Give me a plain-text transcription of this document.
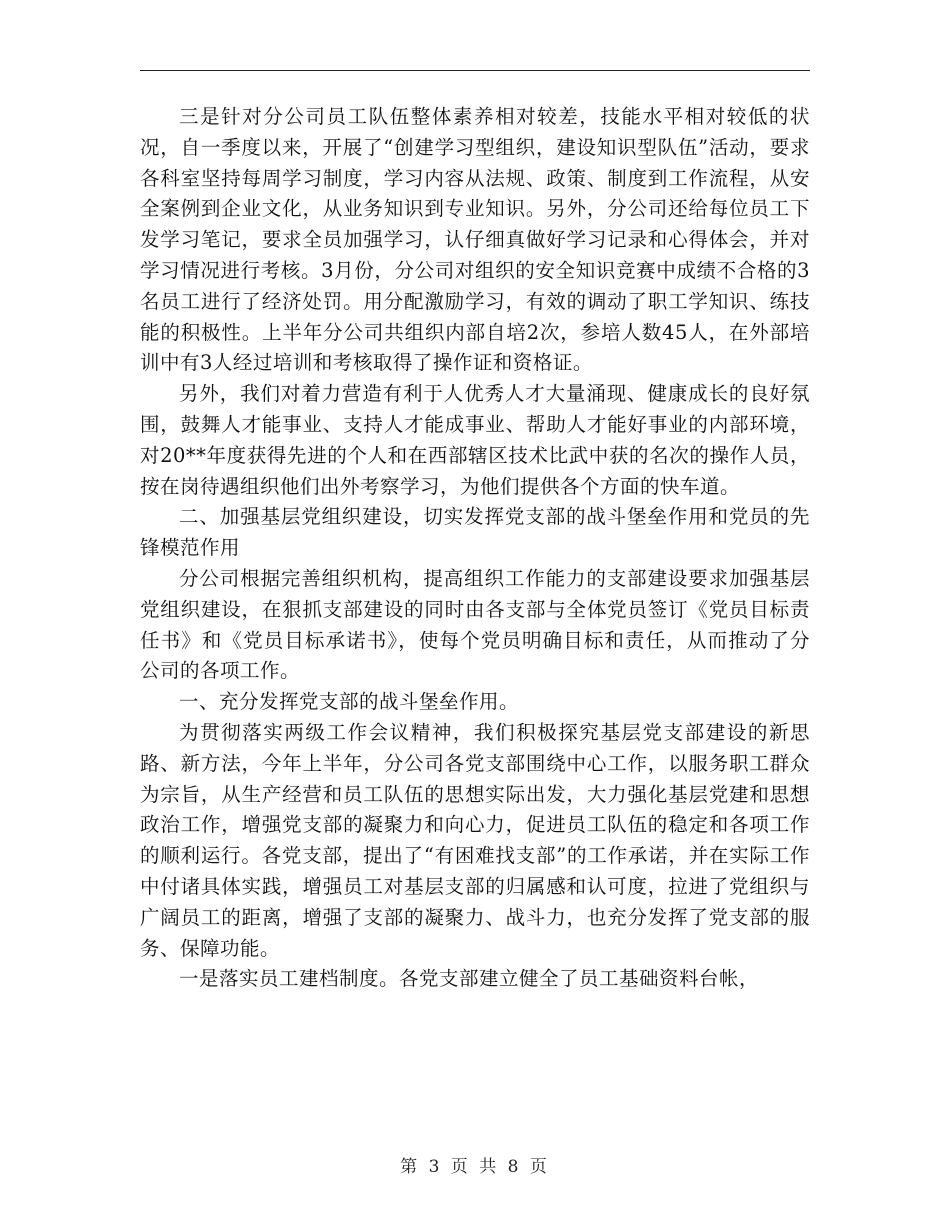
三是针对分公司员工队伍整体素养相对较差，技能水平相对较低的状况，自一季度以来，开展了“创建学习型组织，建设知识型队伍”活动，要求各科室坚持每周学习制度，学习内容从法规、政策、制度到工作流程，从安全案例到企业文化，从业务知识到专业知识。另外，分公司还给每位员工下发学习笔记，要求全员加强学习，认仔细真做好学习记录和心得体会，并对学习情况进行考核。3月份，分公司对组织的安全知识竞赛中成绩不合格的3名员工进行了经济处罚。用分配激励学习，有效的调动了职工学知识、练技能的积极性。上半年分公司共组织内部自培2次，参培人数45人，在外部培训中有3人经过培训和考核取得了操作证和资格证。

另外，我们对着力营造有利于人优秀人才大量涌现、健康成长的良好氛围，鼓舞人才能事业、支持人才能成事业、帮助人才能好事业的内部环境，对20**年度获得先进的个人和在西部辖区技术比武中获的名次的操作人员，按在岗待遇组织他们出外考察学习，为他们提供各个方面的快车道。

二、加强基层党组织建设，切实发挥党支部的战斗堡垒作用和党员的先锋模范作用

分公司根据完善组织机构，提高组织工作能力的支部建设要求加强基层党组织建设，在狠抓支部建设的同时由各支部与全体党员签订《党员目标责任书》和《党员目标承诺书》，使每个党员明确目标和责任，从而推动了分公司的各项工作。

一、充分发挥党支部的战斗堡垒作用。

为贯彻落实两级工作会议精神，我们积极探究基层党支部建设的新思路、新方法，今年上半年，分公司各党支部围绕中心工作，以服务职工群众为宗旨，从生产经营和员工队伍的思想实际出发，大力强化基层党建和思想政治工作，增强党支部的凝聚力和向心力，促进员工队伍的稳定和各项工作的顺利运行。各党支部，提出了“有困难找支部”的工作承诺，并在实际工作中付诸具体实践，增强员工对基层支部的归属感和认可度，拉进了党组织与广阔员工的距离，增强了支部的凝聚力、战斗力，也充分发挥了党支部的服务、保障功能。

一是落实员工建档制度。各党支部建立健全了员工基础资料台帐，

第 3 页 共 8 页
